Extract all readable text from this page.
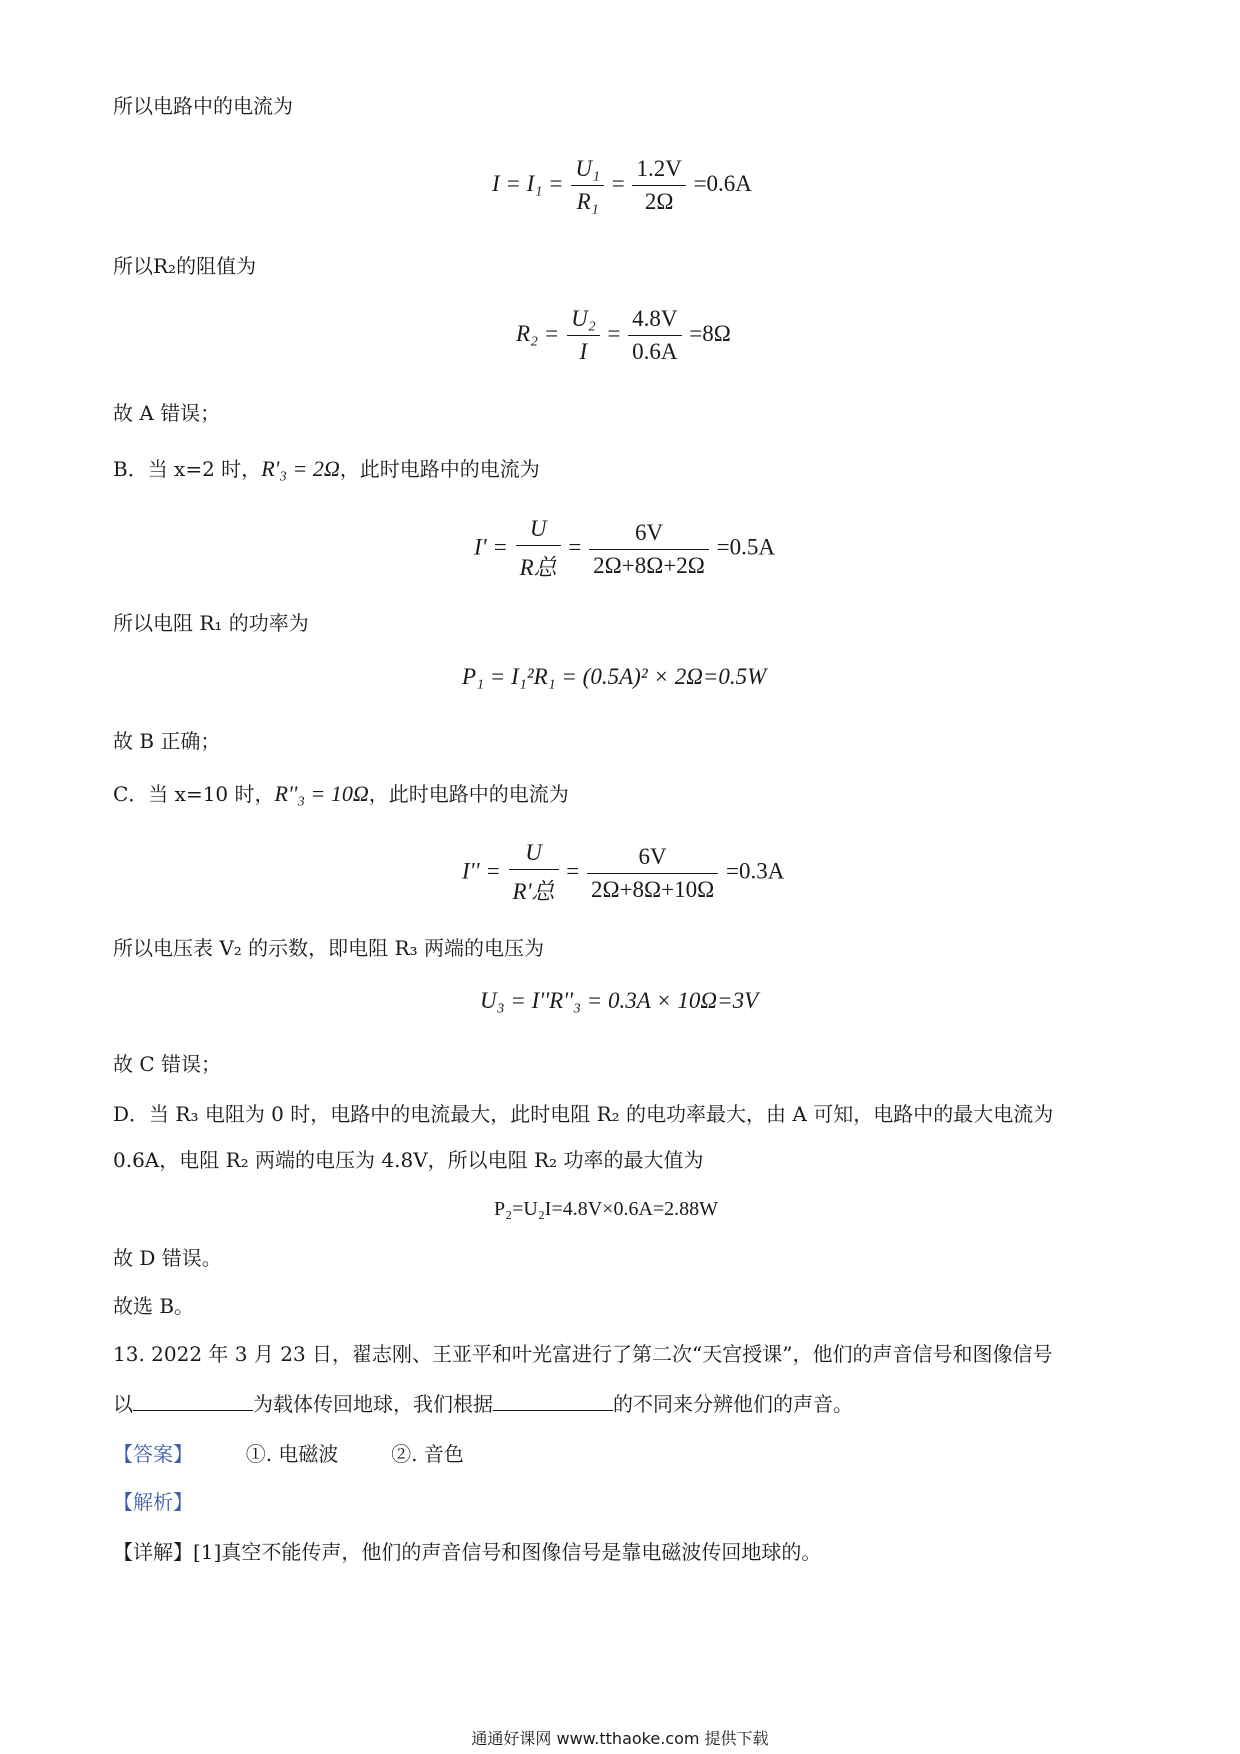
所以电路中的电流为
$I = I_1 = \frac{\text{U₁}}{\text{R₁}} = \frac{1.2V}{2\Omega} =0.6A$
所以R₂的阻值为
$R_2 = \frac{\text{U₂}}{I} = \frac{4.8V}{0.6A} =8\Omega$
故 A 错误；
B．当 x=2 时，R'₃ = 2Ω，此时电路中的电流为
$I' = \frac{U}{\text{R总}} = \frac{6V}{2\Omega+8\Omega+2\Omega} =0.5A$
所以电阻 R₁ 的功率为
P₁ = I₁²R₁ = (0.5A)² × 2Ω=0.5W
故 B 正确；
C．当 x=10 时，R''₃ = 10Ω，此时电路中的电流为
$I'' = \frac{U}{\text{R'总}} = \frac{6V}{2\Omega+8\Omega+10\Omega} =0.3A$
所以电压表 V₂ 的示数，即电阻 R₃ 两端的电压为
U₃ = I''R''₃ = 0.3A × 10Ω=3V
故 C 错误；
D．当 R₃ 电阻为 0 时，电路中的电流最大，此时电阻 R₂ 的电功率最大，由 A 可知，电路中的最大电流为
0.6A，电阻 R₂ 两端的电压为 4.8V，所以电阻 R₂ 功率的最大值为
P₂=U₂I=4.8V×0.6A=2.88W
故 D 错误。
故选 B。
13. 2022 年 3 月 23 日，翟志刚、王亚平和叶光富进行了第二次“天宫授课”，他们的声音信号和图像信号
以	为载体传回地球，我们根据	的不同来分辨他们的声音。
【答案】	①. 电磁波	②. 音色
【解析】
【详解】[1]真空不能传声，他们的声音信号和图像信号是靠电磁波传回地球的。
通通好课网 www.tthaoke.com 提供下载
